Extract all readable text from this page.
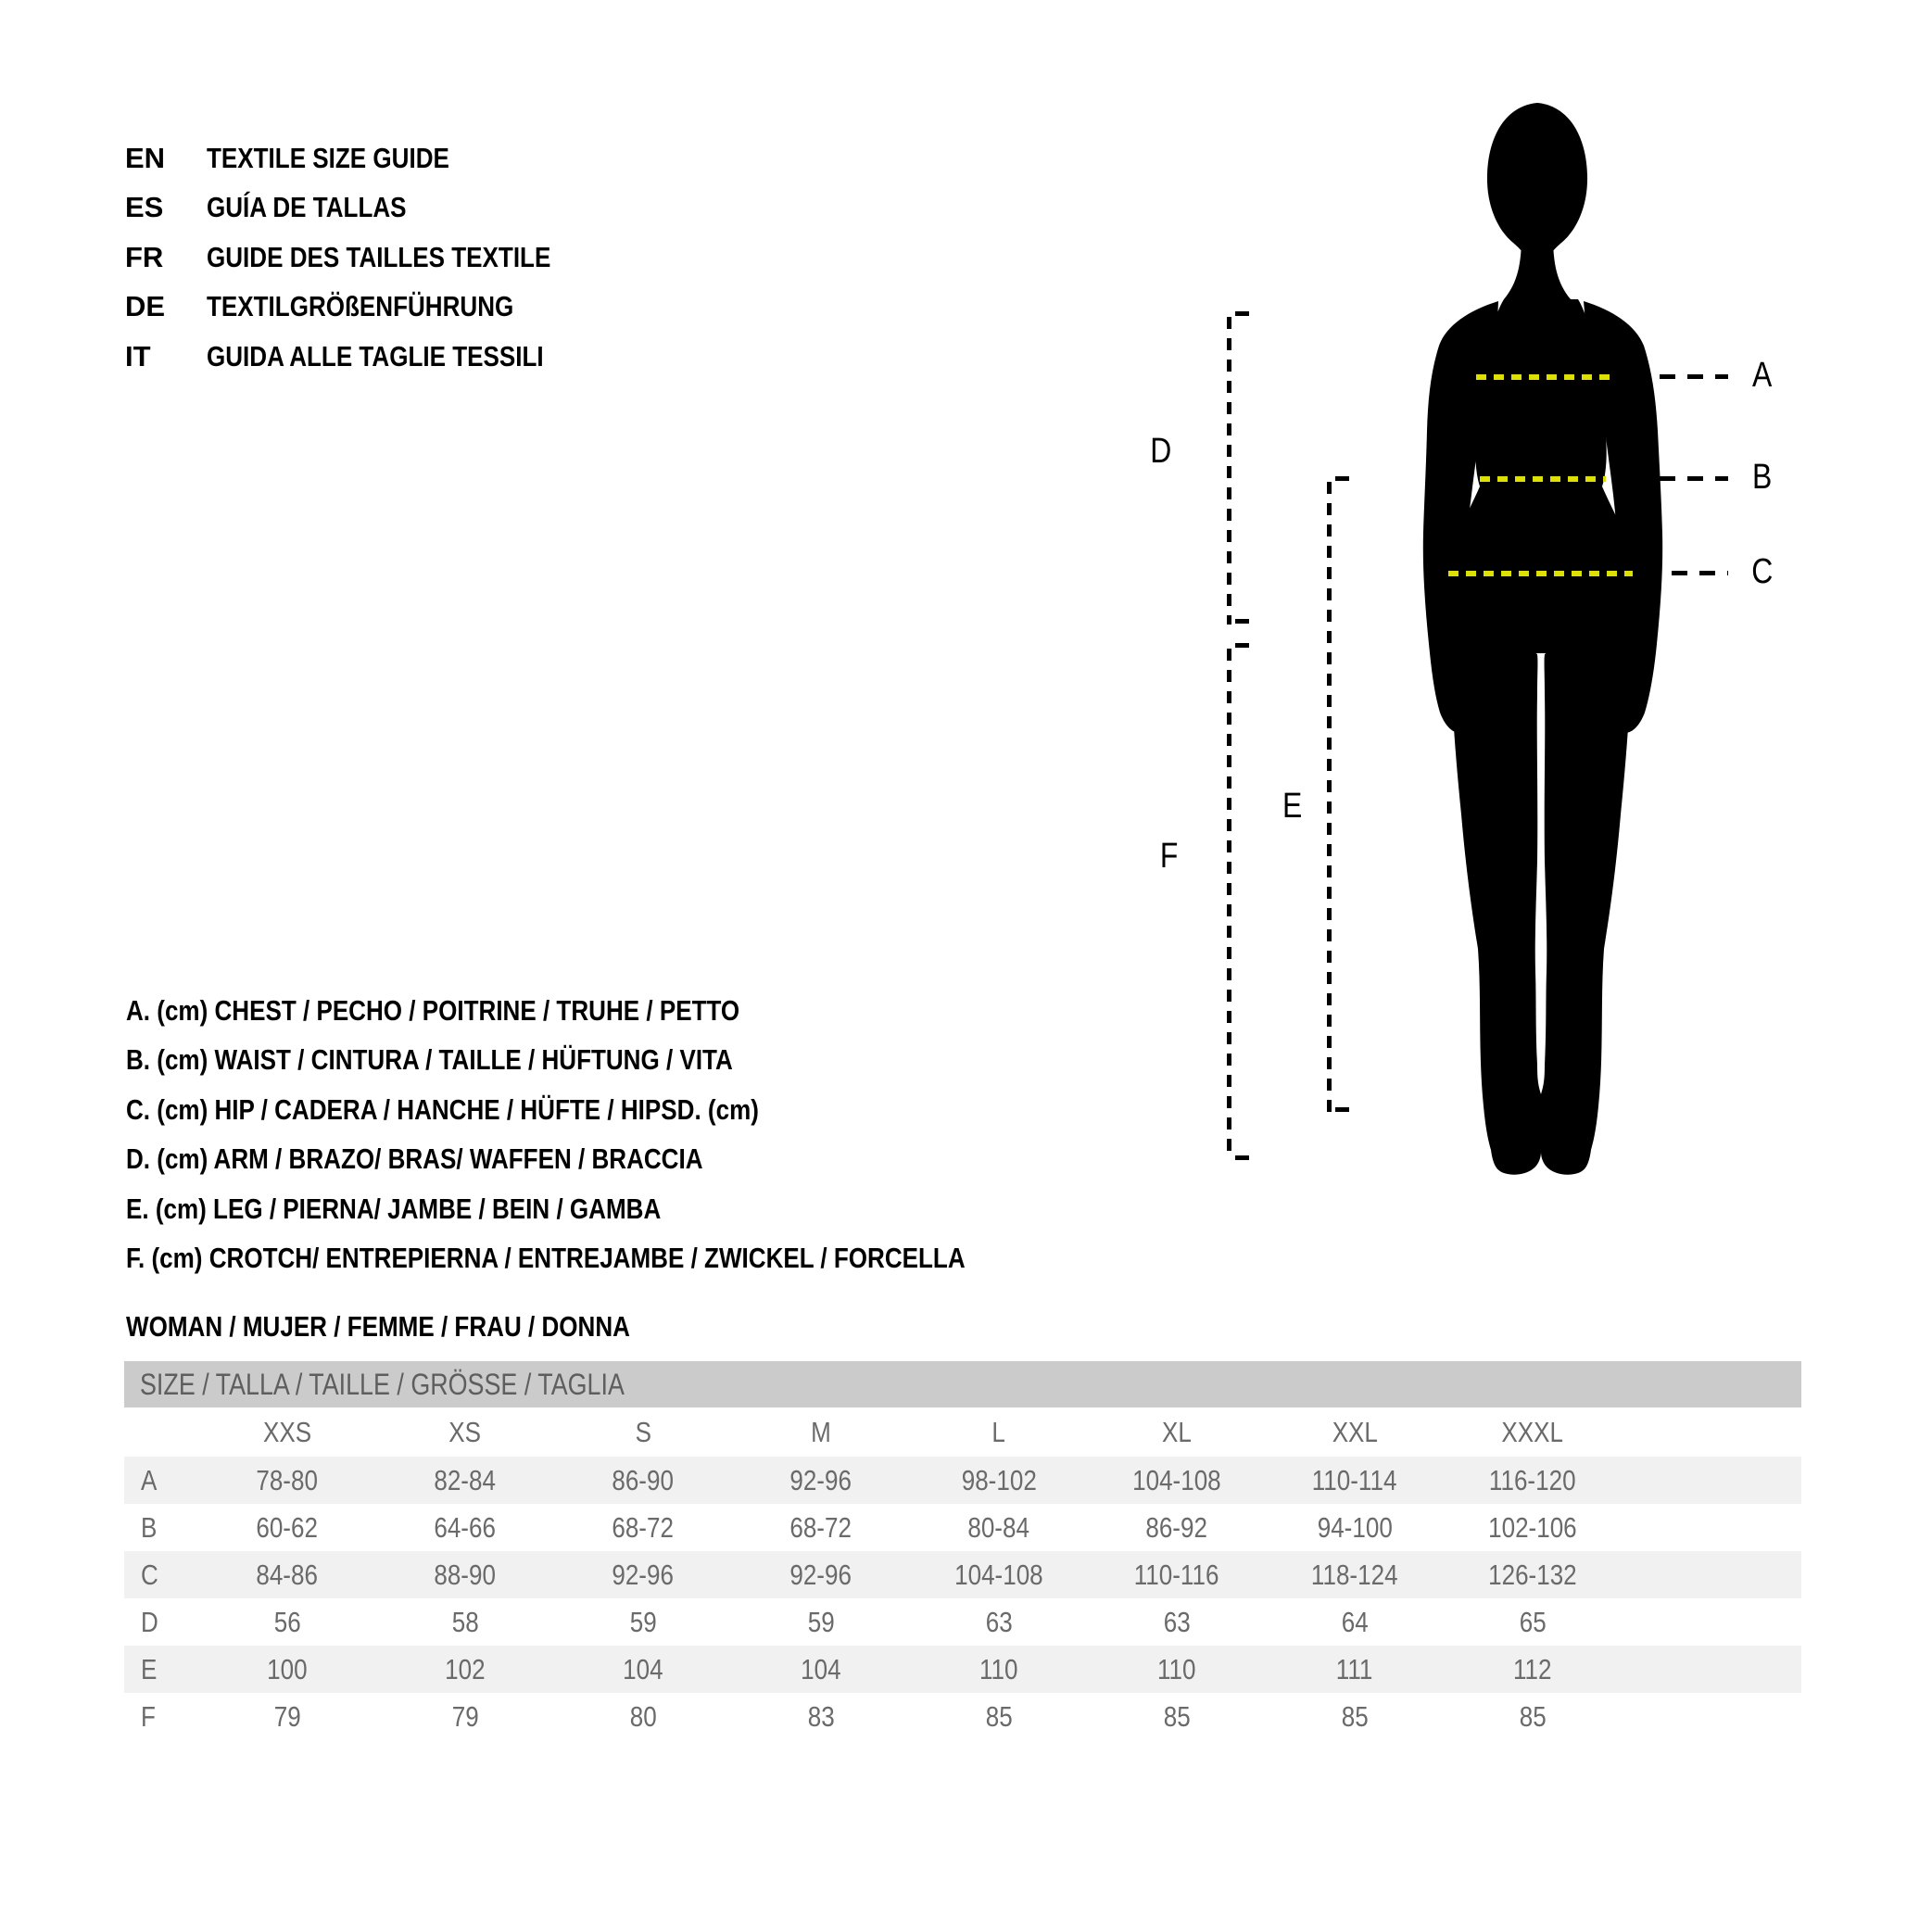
EN	TEXTILE SIZE GUIDE
ES	GUÍA DE TALLAS
FR	GUIDE DES TAILLES TEXTILE
DE	TEXTILGRÖßENFÜHRUNG
IT	GUIDA ALLE TAGLIE TESSILI	A
B
C
D
E
F
A. (cm) CHEST / PECHO / POITRINE / TRUHE / PETTO
B. (cm) WAIST / CINTURA / TAILLE / HÜFTUNG / VITA
C. (cm) HIP / CADERA / HANCHE / HÜFTE / HIPSD. (cm)
D. (cm) ARM / BRAZO/ BRAS/ WAFFEN / BRACCIA
E. (cm) LEG / PIERNA/ JAMBE / BEIN / GAMBA
F. (cm) CROTCH/ ENTREPIERNA / ENTREJAMBE / ZWICKEL / FORCELLA
WOMAN / MUJER / FEMME / FRAU / DONNA
SIZE / TALLA / TAILLE / GRÖSSE / TAGLIA
XXS	XS	S	M	L	XL	XXL	XXXL
A	78-80	82-84	86-90	92-96	98-102	104-108	110-114	116-120
B	60-62	64-66	68-72	68-72	80-84	86-92	94-100	102-106
C	84-86	88-90	92-96	92-96	104-108	110-116	118-124	126-132
D	56	58	59	59	63	63	64	65
E	100	102	104	104	110	110	111	112
F	79	79	80	83	85	85	85	85
